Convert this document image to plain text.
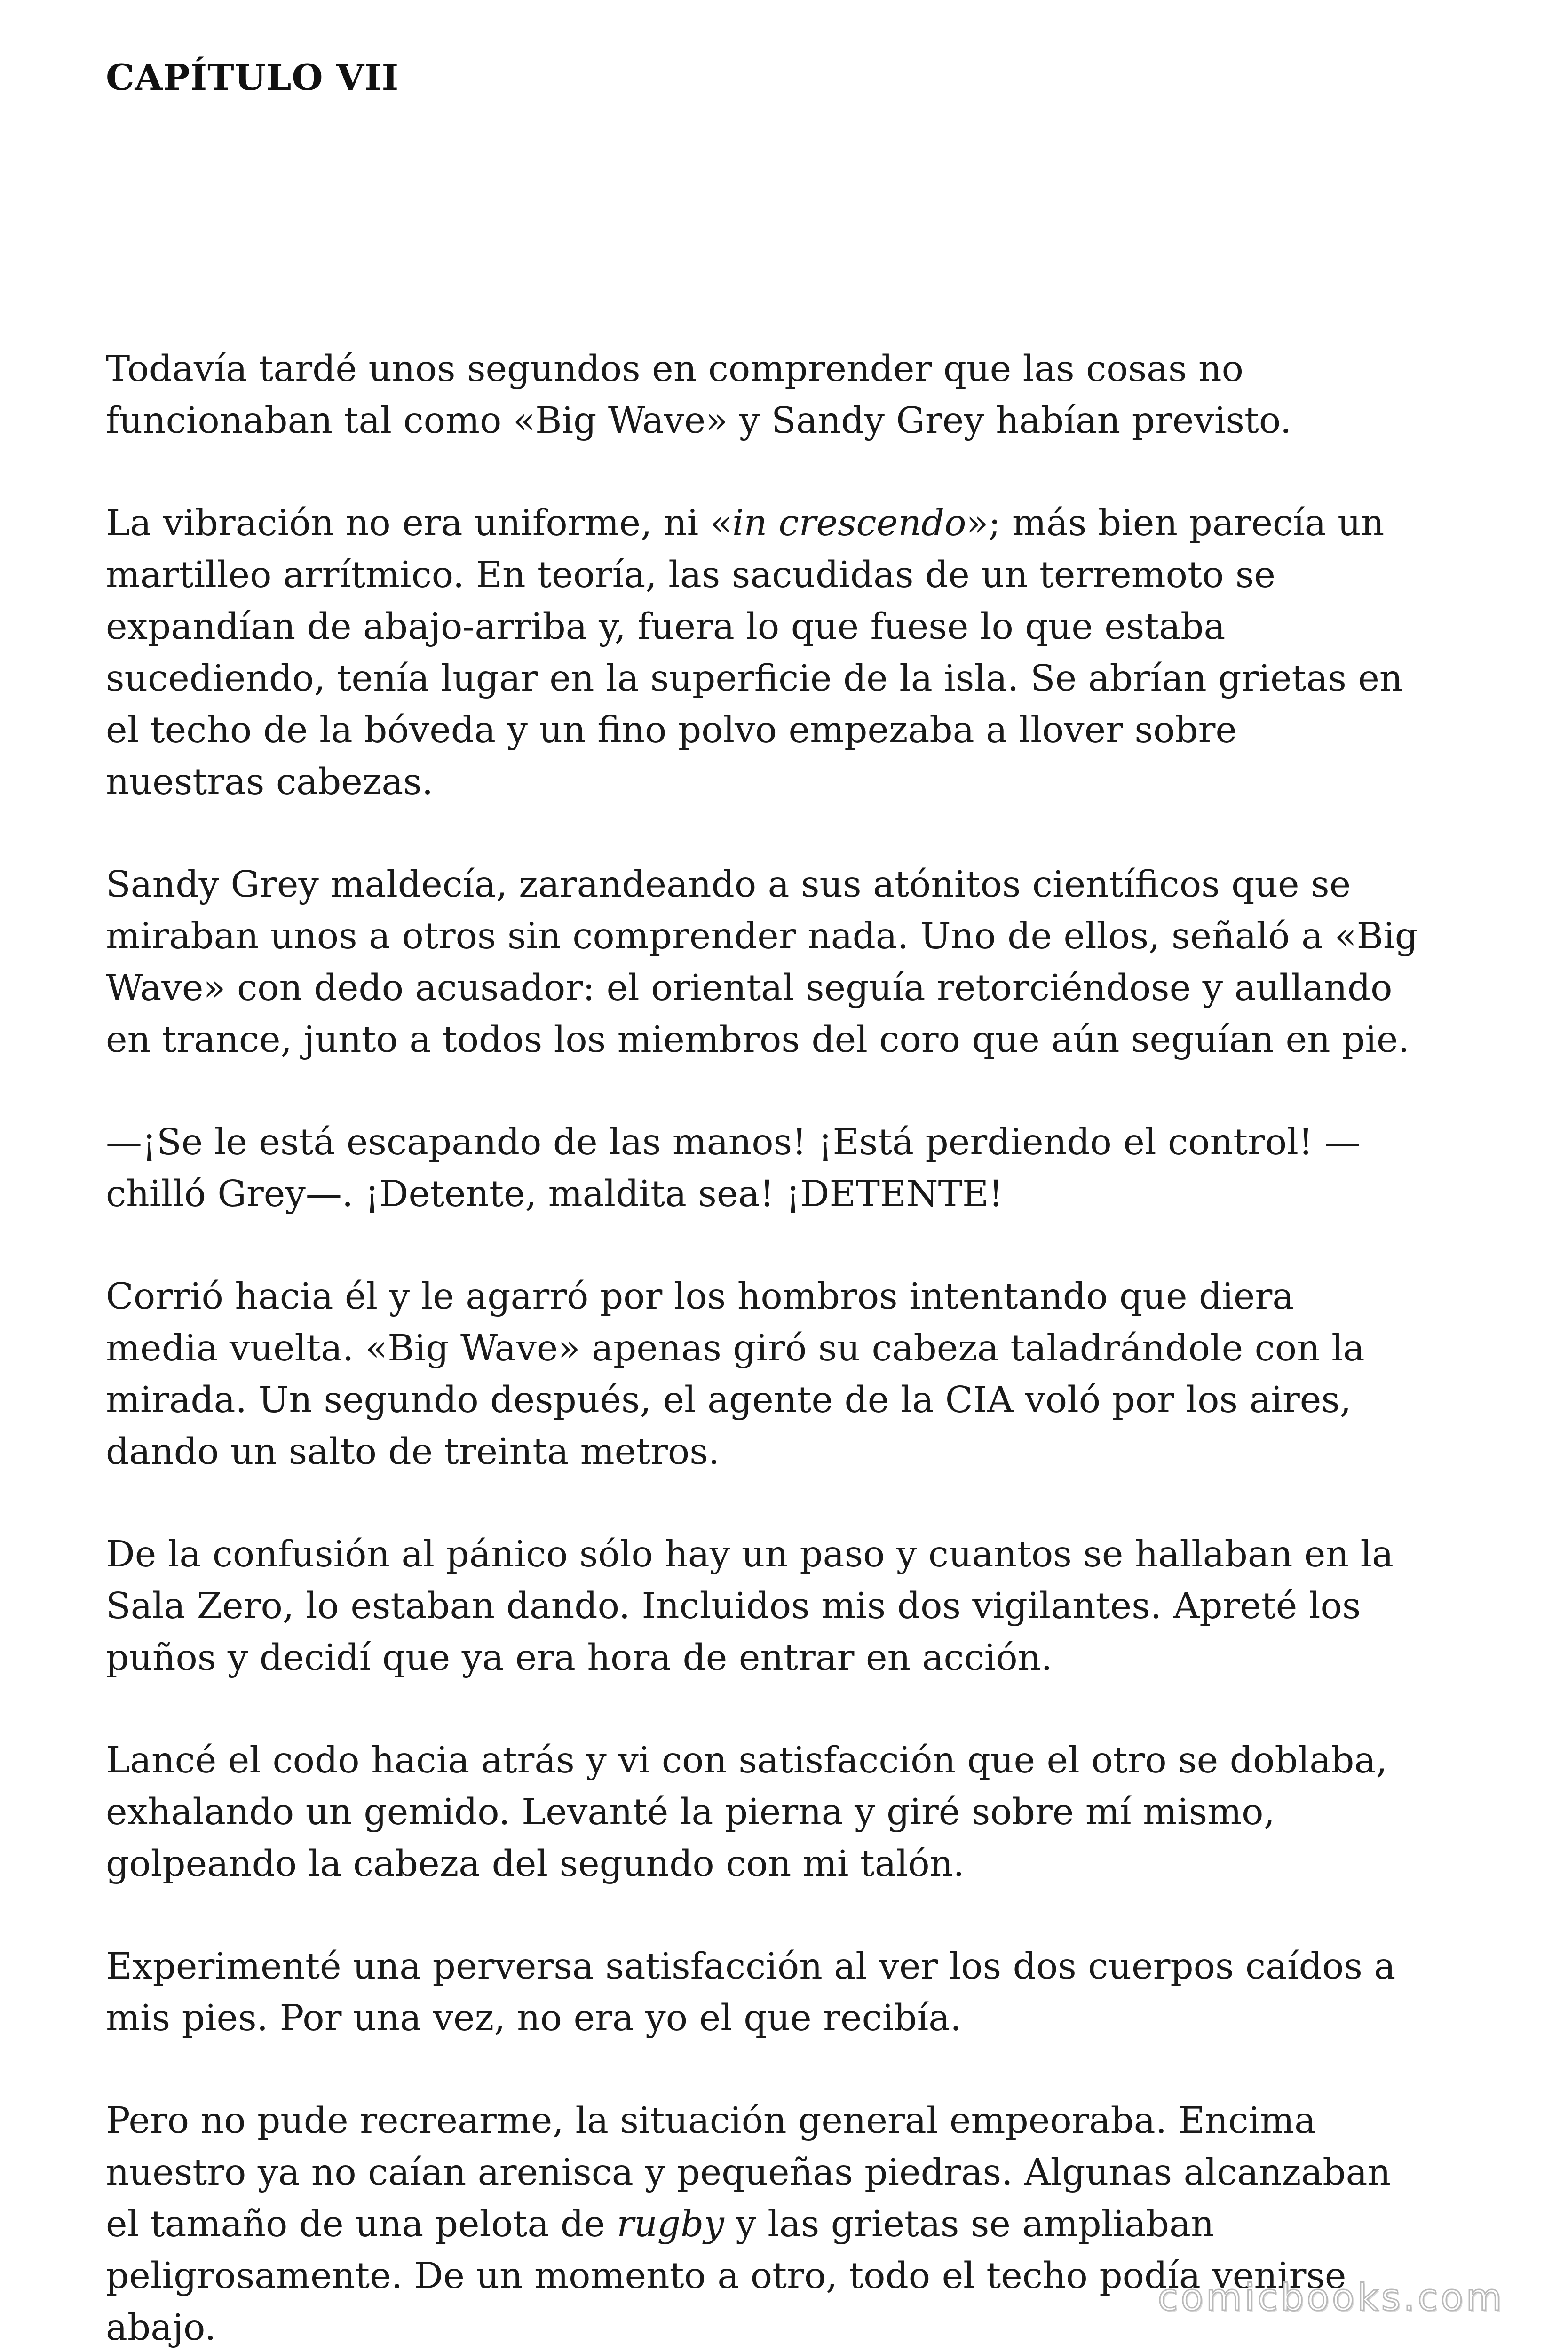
CAPÍTULO VII

Todavía tardé unos segundos en comprender que las cosas no
funcionaban tal como «Big Wave» y Sandy Grey habían previsto.

La vibración no era uniforme, ni «in crescendo»; más bien parecía un
martilleo arrítmico. En teoría, las sacudidas de un terremoto se
expandían de abajo-arriba y, fuera lo que fuese lo que estaba
sucediendo, tenía lugar en la superficie de la isla. Se abrían grietas en
el techo de la bóveda y un fino polvo empezaba a llover sobre
nuestras cabezas.

Sandy Grey maldecía, zarandeando a sus atónitos científicos que se
miraban unos a otros sin comprender nada. Uno de ellos, señaló a «Big
Wave» con dedo acusador: el oriental seguía retorciéndose y aullando
en trance, junto a todos los miembros del coro que aún seguían en pie.

—¡Se le está escapando de las manos! ¡Está perdiendo el control! —
chilló Grey—. ¡Detente, maldita sea! ¡DETENTE!

Corrió hacia él y le agarró por los hombros intentando que diera
media vuelta. «Big Wave» apenas giró su cabeza taladrándole con la
mirada. Un segundo después, el agente de la CIA voló por los aires,
dando un salto de treinta metros.

De la confusión al pánico sólo hay un paso y cuantos se hallaban en la
Sala Zero, lo estaban dando. Incluidos mis dos vigilantes. Apreté los
puños y decidí que ya era hora de entrar en acción.

Lancé el codo hacia atrás y vi con satisfacción que el otro se doblaba,
exhalando un gemido. Levanté la pierna y giré sobre mí mismo,
golpeando la cabeza del segundo con mi talón.

Experimenté una perversa satisfacción al ver los dos cuerpos caídos a
mis pies. Por una vez, no era yo el que recibía.

Pero no pude recrearme, la situación general empeoraba. Encima
nuestro ya no caían arenisca y pequeñas piedras. Algunas alcanzaban
el tamaño de una pelota de rugby y las grietas se ampliaban
peligrosamente. De un momento a otro, todo el techo podía venirse
abajo.

comicbooks.com
